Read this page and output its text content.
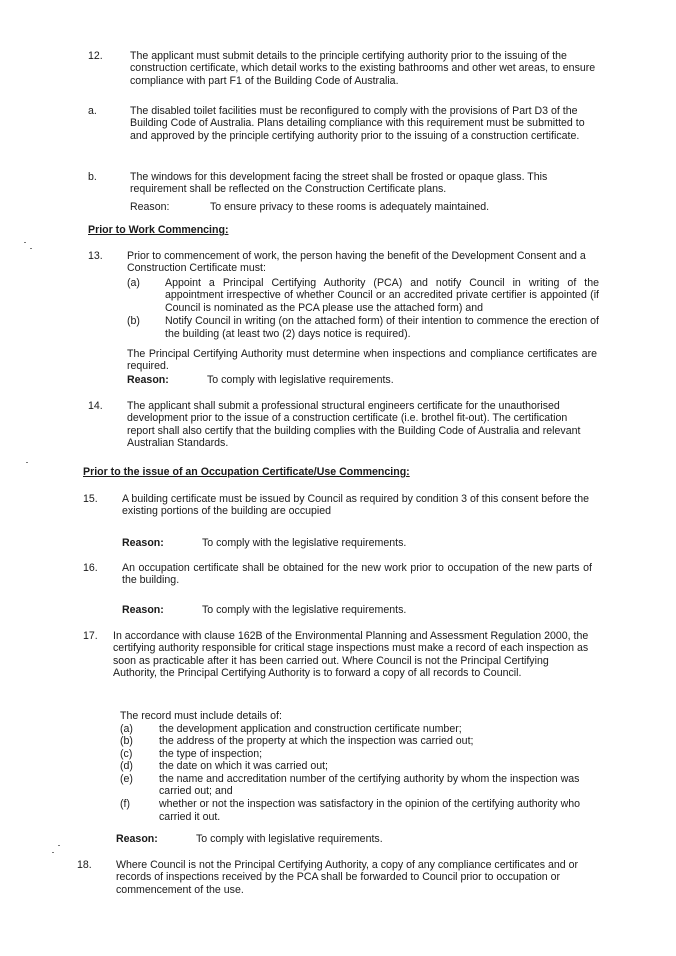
12.	The applicant must submit details to the principle certifying authority prior to the issuing of the construction certificate, which detail works to the existing bathrooms and other wet areas, to ensure compliance with part F1 of the Building Code of Australia.

a.	The disabled toilet facilities must be reconfigured to comply with the provisions of Part D3 of the Building Code of Australia. Plans detailing compliance with this requirement must be submitted to and approved by the principle certifying authority prior to the issuing of a construction certificate.

b.	The windows for this development facing the street shall be frosted or opaque glass. This requirement shall be reflected on the Construction Certificate plans.

Reason:	To ensure privacy to these rooms is adequately maintained.
Prior to Work Commencing:
13. Prior to commencement of work, the person having the benefit of the Development Consent and a Construction Certificate must:

(a) Appoint a Principal Certifying Authority (PCA) and notify Council in writing of the appointment irrespective of whether Council or an accredited private certifier is appointed (if Council is nominated as the PCA please use the attached form) and
(b) Notify Council in writing (on the attached form) of their intention to commence the erection of the building (at least two (2) days notice is required).

The Principal Certifying Authority must determine when inspections and compliance certificates are required.

Reason:	To comply with legislative requirements.
14. The applicant shall submit a professional structural engineers certificate for the unauthorised development prior to the issue of a construction certificate (i.e. brothel fit-out). The certification report shall also certify that the building complies with the Building Code of Australia and relevant Australian Standards.

Prior to the issue of an Occupation Certificate/Use Commencing:
15. A building certificate must be issued by Council as required by condition 3 of this consent before the existing portions of the building are occupied

Reason:	To comply with the legislative requirements.
16. An occupation certificate shall be obtained for the new work prior to occupation of the new parts of the building.

Reason:	To comply with the legislative requirements.
17. In accordance with clause 162B of the Environmental Planning and Assessment Regulation 2000, the certifying authority responsible for critical stage inspections must make a record of each inspection as soon as practicable after it has been carried out. Where Council is not the Principal Certifying Authority, the Principal Certifying Authority is to forward a copy of all records to Council.

The record must include details of:

(a) the development application and construction certificate number;
(b) the address of the property at which the inspection was carried out;
(c)	the type of inspection;
(d) the date on which it was carried out;
(e) the name and accreditation number of the certifying authority by whom the inspection was carried out; and
(f)	whether or not the inspection was satisfactory in the opinion of the certifying authority who carried it out.
Reason:	To comply with legislative requirements.
18. Where Council is not the Principal Certifying Authority, a copy of any compliance certificates and or records of inspections received by the PCA shall be forwarded to Council prior to occupation or commencement of the use.
